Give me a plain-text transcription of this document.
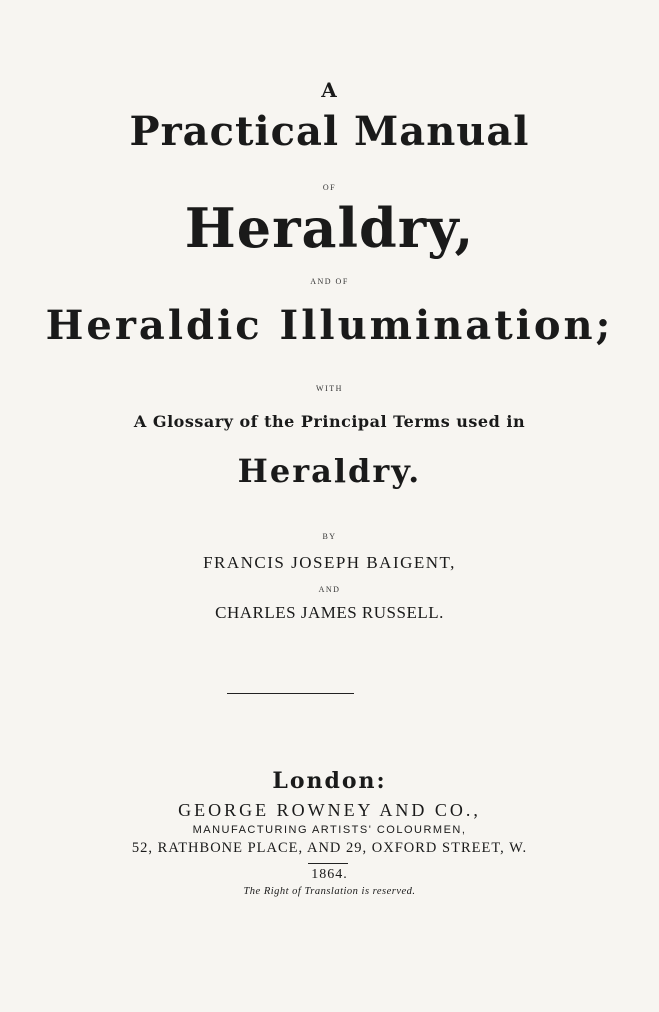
A
Practical Manual
OF
Heraldry,
AND OF
Heraldic Illumination;
WITH
A Glossary of the Principal Terms used in
Heraldry.
BY
FRANCIS JOSEPH BAIGENT,
AND
CHARLES JAMES RUSSELL.
London:
GEORGE ROWNEY AND CO.,
MANUFACTURING ARTISTS' COLOURMEN,
52, RATHBONE PLACE, AND 29, OXFORD STREET, W.
1864.
The Right of Translation is reserved.
